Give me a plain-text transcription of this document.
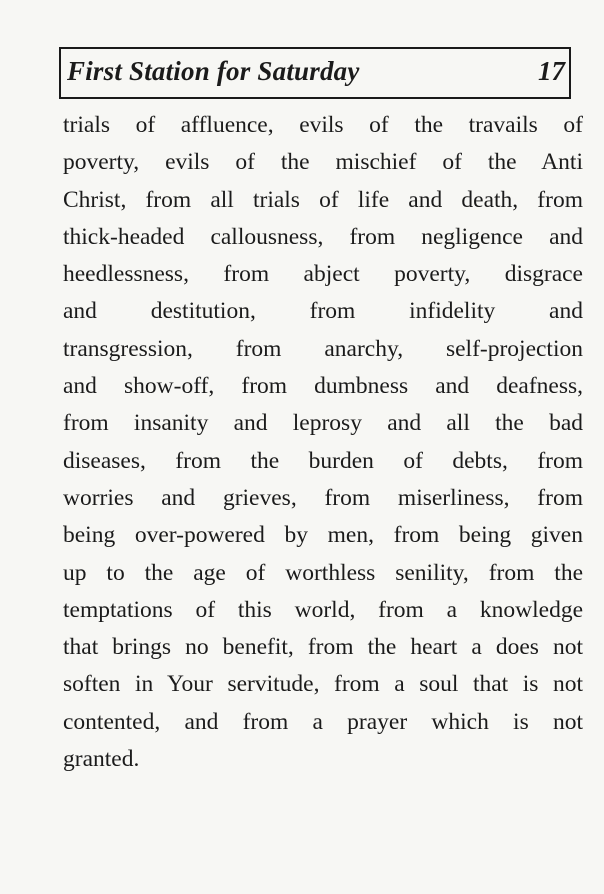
First Station for Saturday	17
trials of affluence, evils of the travails of
poverty, evils of the mischief of the Anti
Christ, from all trials of life and death, from
thick-headed callousness, from negligence and
heedlessness, from abject poverty, disgrace
and destitution, from infidelity and
transgression, from anarchy, self-projection
and show-off, from dumbness and deafness,
from insanity and leprosy and all the bad
diseases, from the burden of debts, from
worries and grieves, from miserliness, from
being over-powered by men, from being given
up to the age of worthless senility, from the
temptations of this world, from a knowledge
that brings no benefit, from the heart a does not
soften in Your servitude, from a soul that is not
contented, and from a prayer which is not
granted.
